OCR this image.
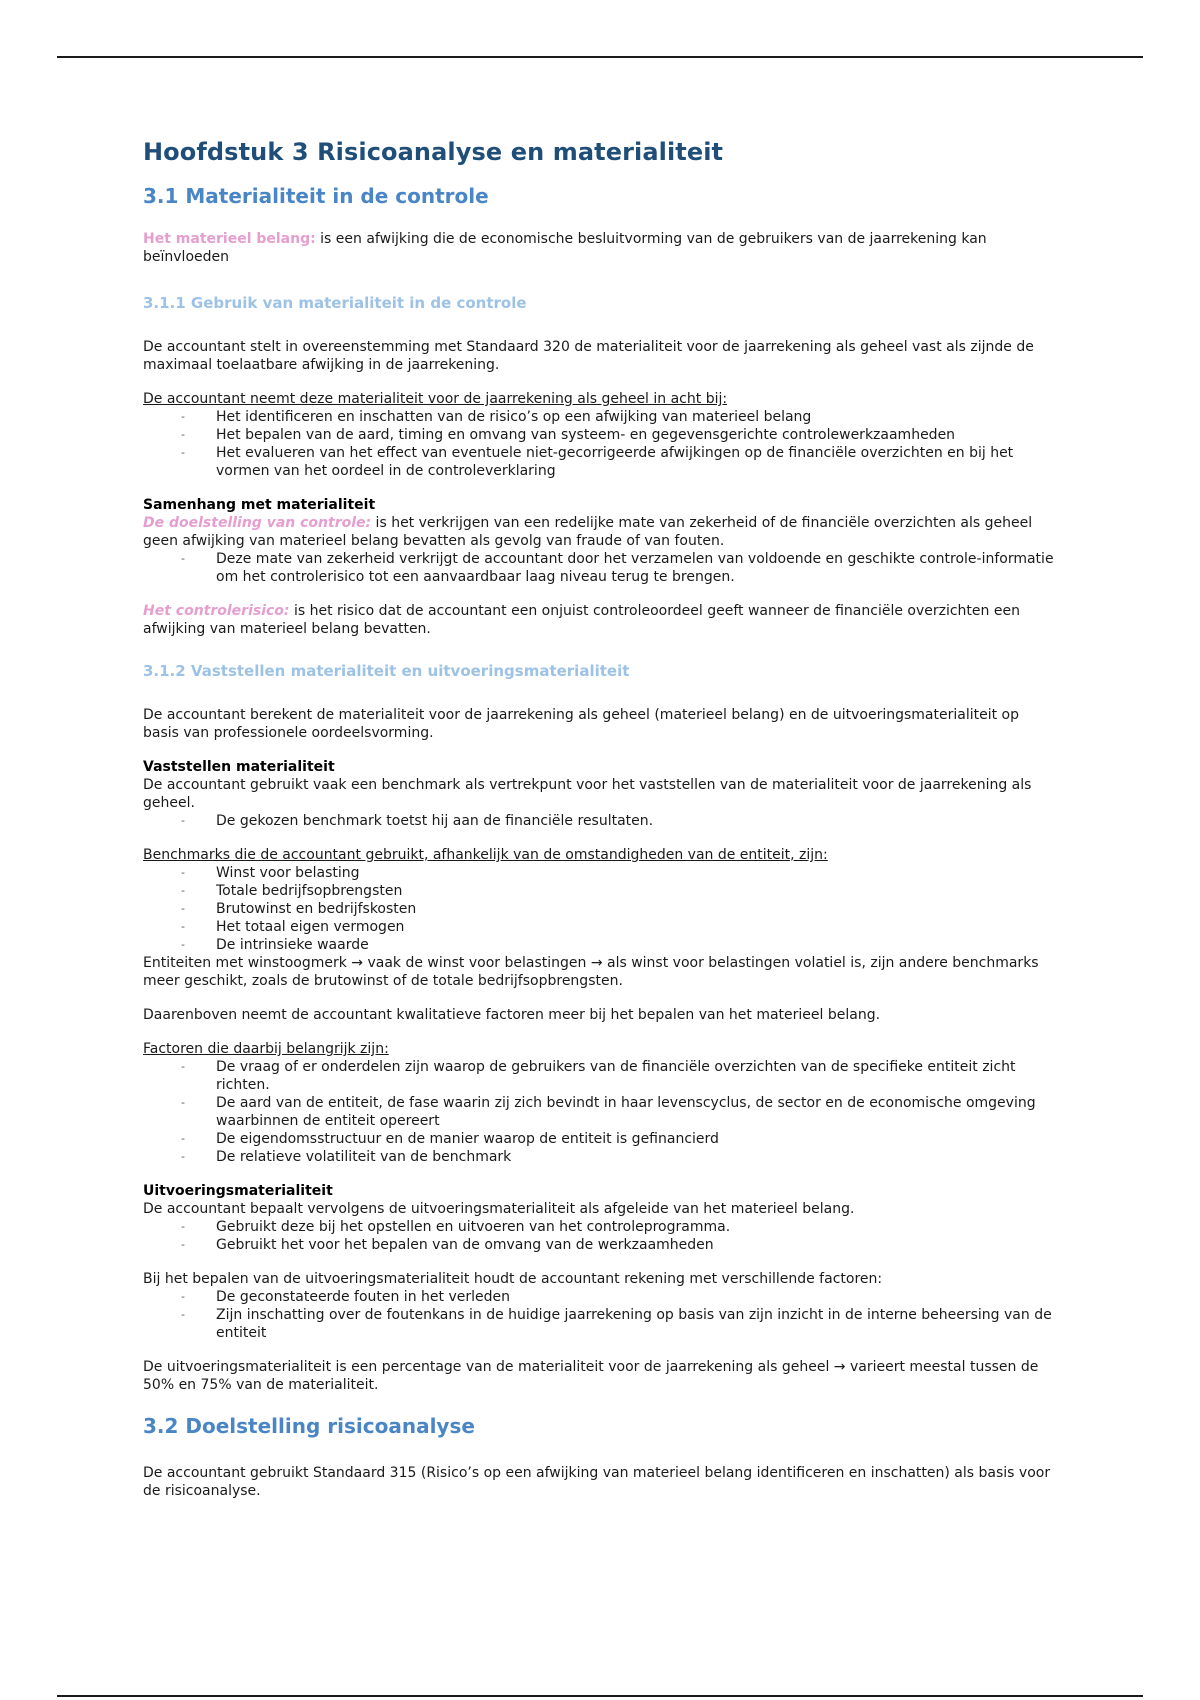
Hoofdstuk 3 Risicoanalyse en materialiteit
3.1 Materialiteit in de controle

Het materieel belang: is een afwijking die de economische besluitvorming van de gebruikers van de jaarrekening kan beïnvloeden

3.1.1 Gebruik van materialiteit in de controle

De accountant stelt in overeenstemming met Standaard 320 de materialiteit voor de jaarrekening als geheel vast als zijnde de maximaal toelaatbare afwijking in de jaarrekening.

De accountant neemt deze materialiteit voor de jaarrekening als geheel in acht bij:

- Het identificeren en inschatten van de risico’s op een afwijking van materieel belang
- Het bepalen van de aard, timing en omvang van systeem- en gegevensgerichte controlewerkzaamheden
- Het evalueren van het effect van eventuele niet-gecorrigeerde afwijkingen op de financiële overzichten en bij het vormen van het oordeel in de controleverklaring

Samenhang met materialiteit
De doelstelling van controle: is het verkrijgen van een redelijke mate van zekerheid of de financiële overzichten als geheel geen afwijking van materieel belang bevatten als gevolg van fraude of van fouten.

- Deze mate van zekerheid verkrijgt de accountant door het verzamelen van voldoende en geschikte controle-informatie om het controlerisico tot een aanvaardbaar laag niveau terug te brengen.

Het controlerisico: is het risico dat de accountant een onjuist controleoordeel geeft wanneer de financiële overzichten een afwijking van materieel belang bevatten.

3.1.2 Vaststellen materialiteit en uitvoeringsmaterialiteit

De accountant berekent de materialiteit voor de jaarrekening als geheel (materieel belang) en de uitvoeringsmaterialiteit op basis van professionele oordeelsvorming.

Vaststellen materialiteit
De accountant gebruikt vaak een benchmark als vertrekpunt voor het vaststellen van de materialiteit voor de jaarrekening als geheel.

- De gekozen benchmark toetst hij aan de financiële resultaten.

Benchmarks die de accountant gebruikt, afhankelijk van de omstandigheden van de entiteit, zijn:

- Winst voor belasting
- Totale bedrijfsopbrengsten
- Brutowinst en bedrijfskosten
- Het totaal eigen vermogen
- De intrinsieke waarde

Entiteiten met winstoogmerk → vaak de winst voor belastingen → als winst voor belastingen volatiel is, zijn andere benchmarks meer geschikt, zoals de brutowinst of de totale bedrijfsopbrengsten.

Daarenboven neemt de accountant kwalitatieve factoren meer bij het bepalen van het materieel belang.

Factoren die daarbij belangrijk zijn:

- De vraag of er onderdelen zijn waarop de gebruikers van de financiële overzichten van de specifieke entiteit zicht richten.
- De aard van de entiteit, de fase waarin zij zich bevindt in haar levenscyclus, de sector en de economische omgeving waarbinnen de entiteit opereert
- De eigendomsstructuur en de manier waarop de entiteit is gefinancierd
- De relatieve volatiliteit van de benchmark

Uitvoeringsmaterialiteit
De accountant bepaalt vervolgens de uitvoeringsmaterialiteit als afgeleide van het materieel belang.

- Gebruikt deze bij het opstellen en uitvoeren van het controleprogramma.
- Gebruikt het voor het bepalen van de omvang van de werkzaamheden

Bij het bepalen van de uitvoeringsmaterialiteit houdt de accountant rekening met verschillende factoren:

- De geconstateerde fouten in het verleden
- Zijn inschatting over de foutenkans in de huidige jaarrekening op basis van zijn inzicht in de interne beheersing van de entiteit

De uitvoeringsmaterialiteit is een percentage van de materialiteit voor de jaarrekening als geheel → varieert meestal tussen de 50% en 75% van de materialiteit.

3.2 Doelstelling risicoanalyse

De accountant gebruikt Standaard 315 (Risico’s op een afwijking van materieel belang identificeren en inschatten) als basis voor de risicoanalyse.
